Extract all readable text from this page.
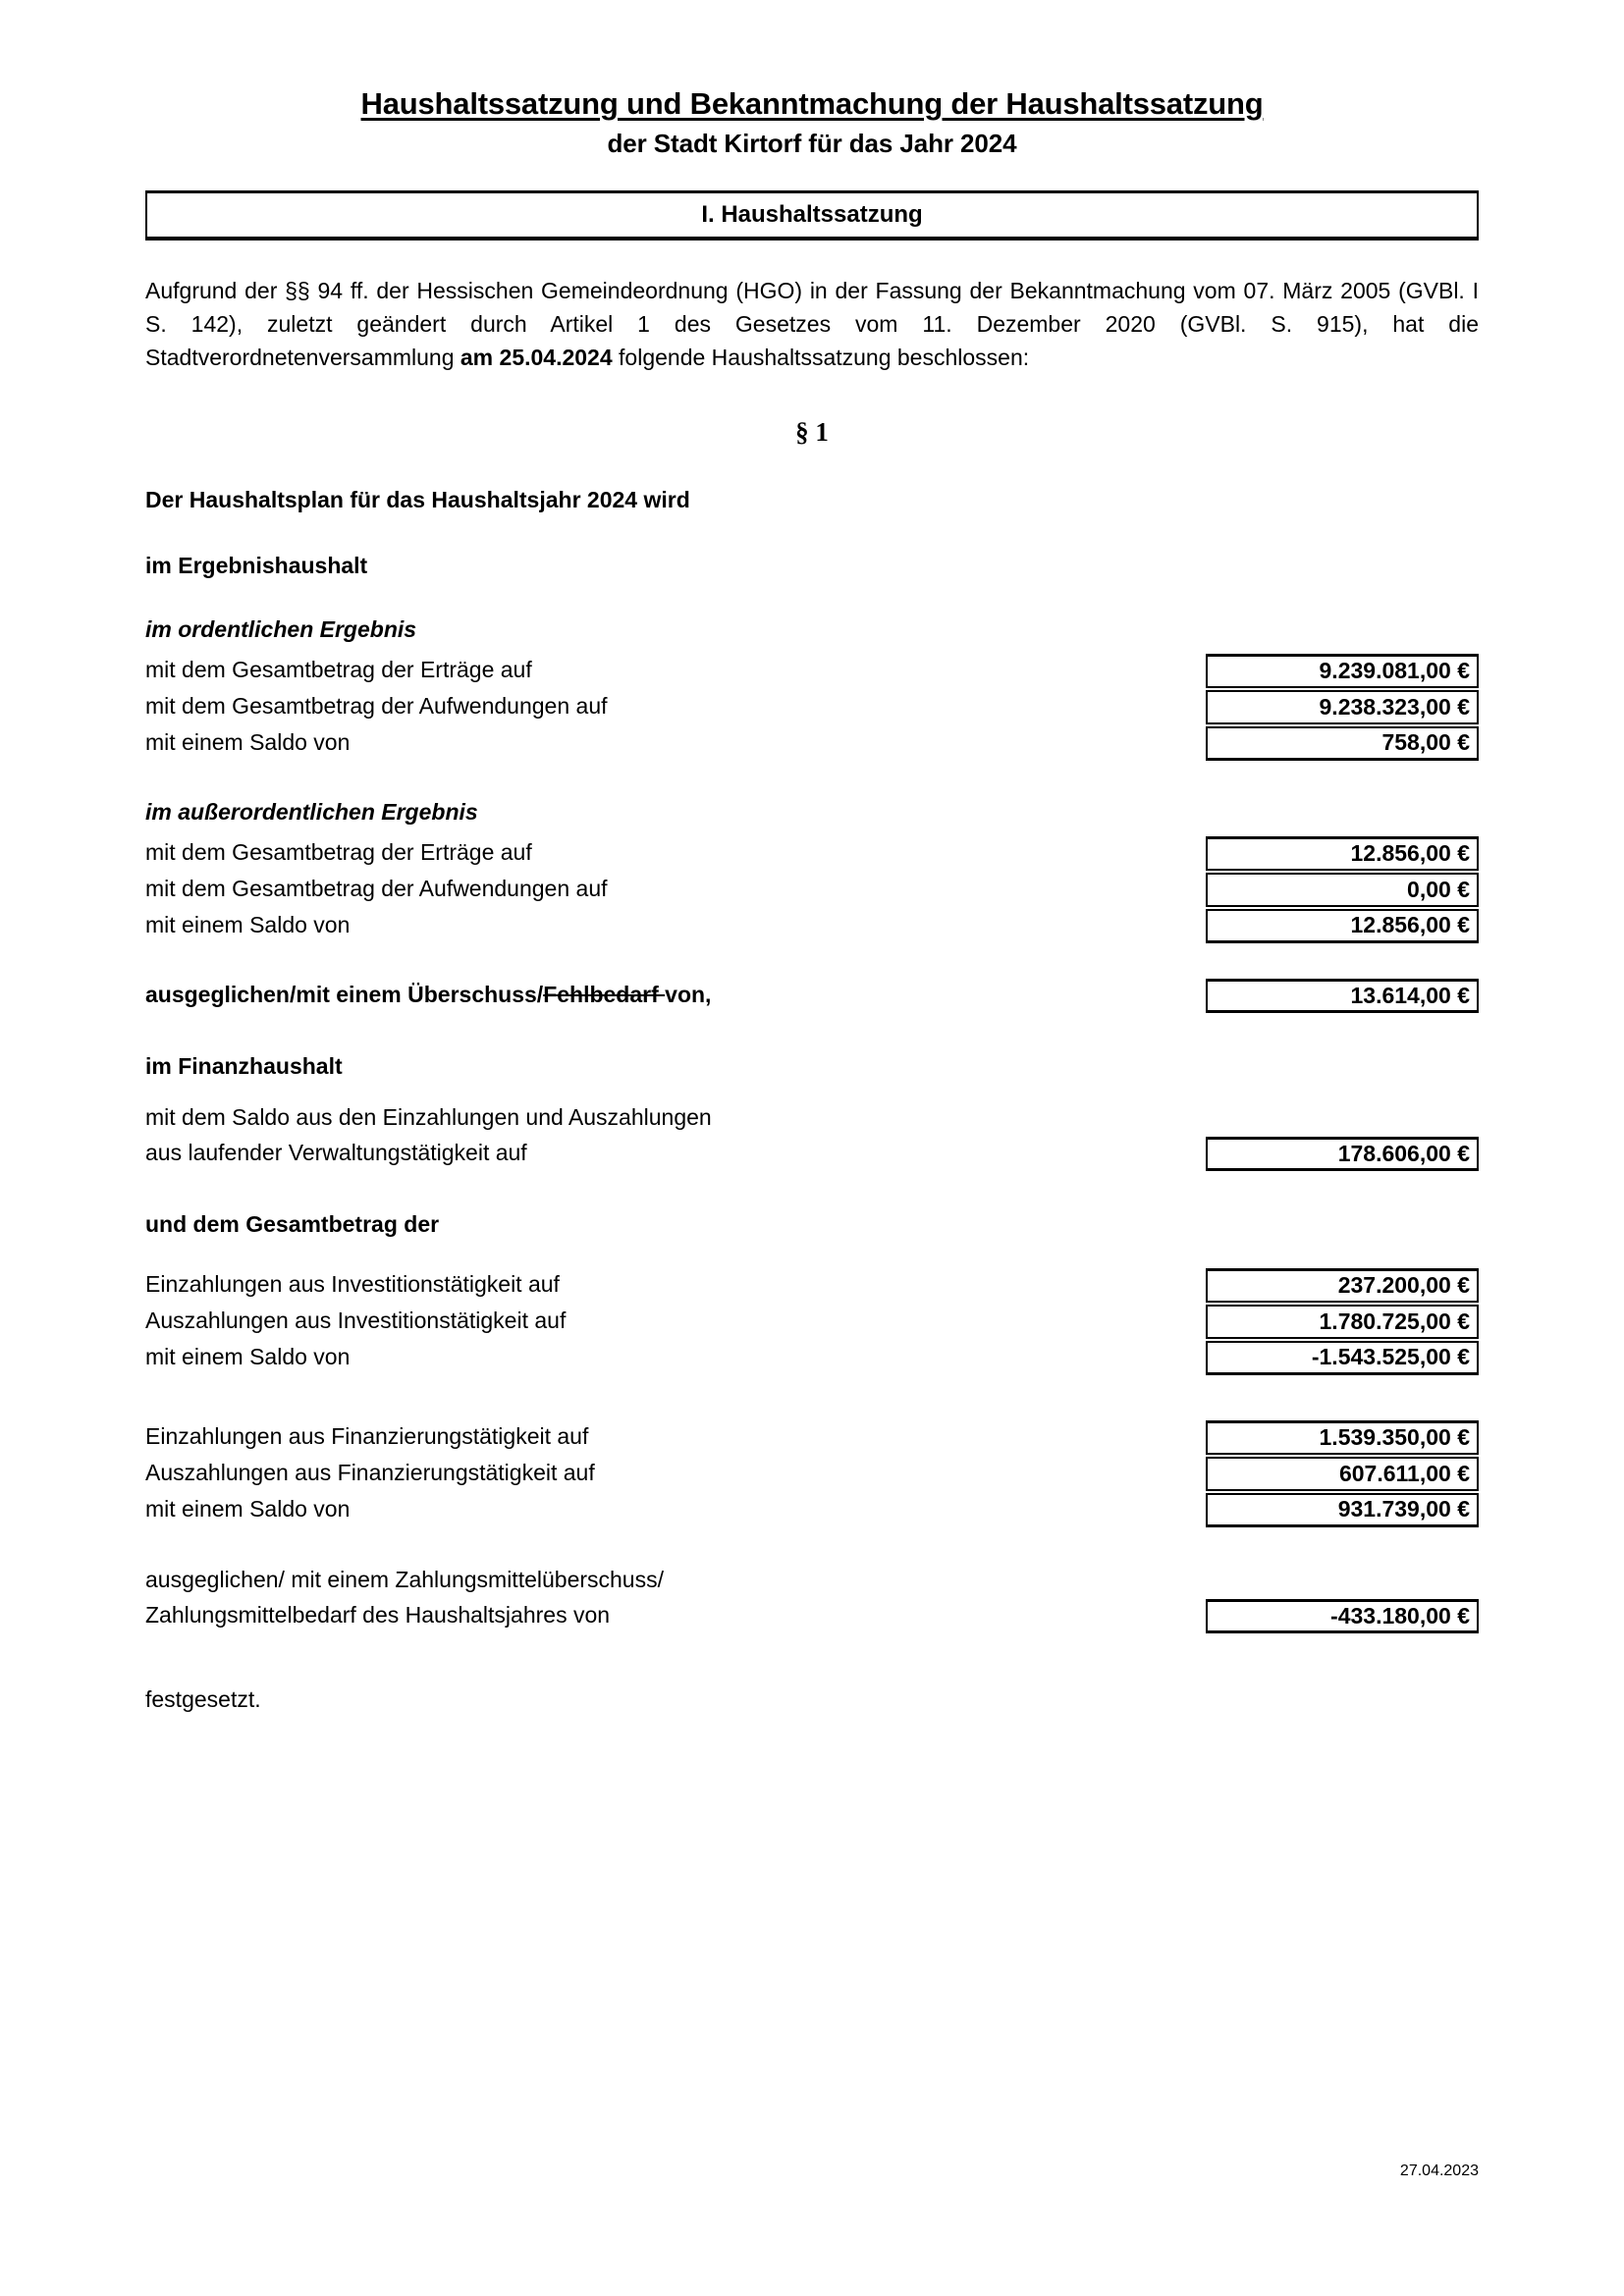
Haushaltssatzung und Bekanntmachung der Haushaltssatzung
der Stadt Kirtorf für das Jahr 2024
I. Haushaltssatzung

Aufgrund der §§ 94 ff. der Hessischen Gemeindeordnung (HGO) in der Fassung der Bekanntmachung vom 07. März 2005 (GVBl. I S. 142), zuletzt geändert durch Artikel 1 des Gesetzes vom 11. Dezember 2020 (GVBl. S. 915), hat die Stadtverordnetenversammlung am 25.04.2024 folgende Haushaltssatzung beschlossen:

§ 1
Der Haushaltsplan für das Haushaltsjahr 2024 wird
im Ergebnishaushalt
im ordentlichen Ergebnis
mit dem Gesamtbetrag der Erträge auf	9.239.081,00 €
mit dem Gesamtbetrag der Aufwendungen auf	9.238.323,00 €
mit einem Saldo von	758,00 €
im außerordentlichen Ergebnis
mit dem Gesamtbetrag der Erträge auf	12.856,00 €
mit dem Gesamtbetrag der Aufwendungen auf	0,00 €
mit einem Saldo von	12.856,00 €
ausgeglichen/mit einem Überschuss/Fehlbedarf von,	13.614,00 €
im Finanzhaushalt
mit dem Saldo aus den Einzahlungen und Auszahlungen
aus laufender Verwaltungstätigkeit auf	178.606,00 €
und dem Gesamtbetrag der
Einzahlungen aus Investitionstätigkeit auf	237.200,00 €
Auszahlungen aus Investitionstätigkeit auf	1.780.725,00 €
mit einem Saldo von	-1.543.525,00 €
Einzahlungen aus Finanzierungstätigkeit auf	1.539.350,00 €
Auszahlungen aus Finanzierungstätigkeit auf	607.611,00 €
mit einem Saldo von	931.739,00 €
ausgeglichen/ mit einem Zahlungsmittelüberschuss/
Zahlungsmittelbedarf des Haushaltsjahres von	-433.180,00 €
festgesetzt.
27.04.2023
